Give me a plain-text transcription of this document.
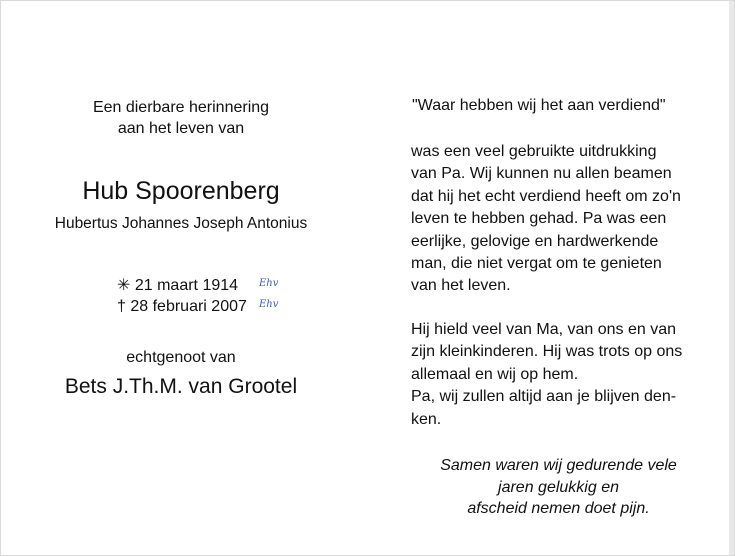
Een dierbare herinnering
aan het leven van
Hub Spoorenberg
Hubertus Johannes Joseph Antonius
✳ 21 maart 1914 Ehv
† 28 februari 2007 Ehv
echtgenoot van
Bets J.Th.M. van Grootel
"Waar hebben wij het aan verdiend"
was een veel gebruikte uitdrukking
van Pa. Wij kunnen nu allen beamen
dat hij het echt verdiend heeft om zo'n
leven te hebben gehad. Pa was een
eerlijke, gelovige en hardwerkende
man, die niet vergat om te genieten
van het leven.
Hij hield veel van Ma, van ons en van
zijn kleinkinderen. Hij was trots op ons
allemaal en wij op hem.
Pa, wij zullen altijd aan je blijven den-
ken.
Samen waren wij gedurende vele
jaren gelukkig en
afscheid nemen doet pijn.
